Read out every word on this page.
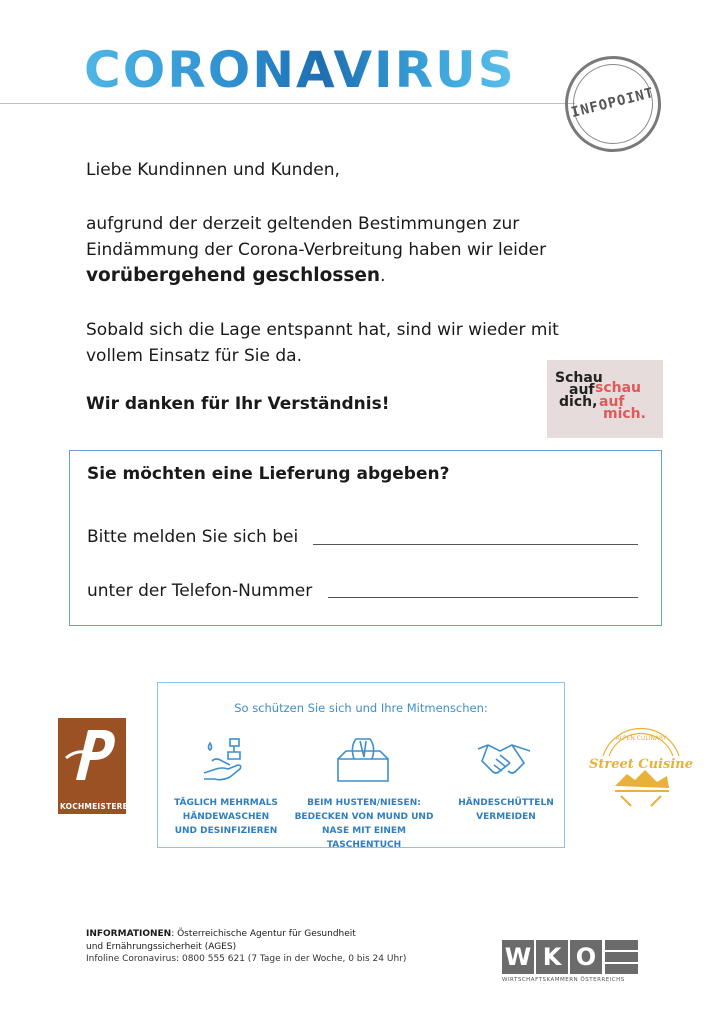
CORONAVIRUS
INFOPOINT
Liebe Kundinnen und Kunden,
aufgrund der derzeit geltenden Bestimmungen zur
Eindämmung der Corona-Verbreitung haben wir leider
vorübergehend geschlossen.
Sobald sich die Lage entspannt hat, sind wir wieder mit
vollem Einsatz für Sie da.
Wir danken für Ihr Verständnis!
Schau
auf
dich,
schau
auf
mich.
Sie möchten eine Lieferung abgeben?
Bitte melden Sie sich bei
unter der Telefon-Nummer
KOCHMEISTEREI
So schützen Sie sich und Ihre Mitmenschen:
TÄGLICH MEHRMALS
HÄNDEWASCHEN
UND DESINFIZIEREN
BEIM HUSTEN/NIESEN:
BEDECKEN VON MUND UND
NASE MIT EINEM TASCHENTUCH
HÄNDESCHÜTTELN
VERMEIDEN
ALPEN CULINARY
Street Cuisine
INFORMATIONEN: Österreichische Agentur für Gesundheit
und Ernährungssicherheit (AGES)
Infoline Coronavirus: 0800 555 621 (7 Tage in der Woche, 0 bis 24 Uhr)	W K O
WIRTSCHAFTSKAMMERN ÖSTERREICHS
